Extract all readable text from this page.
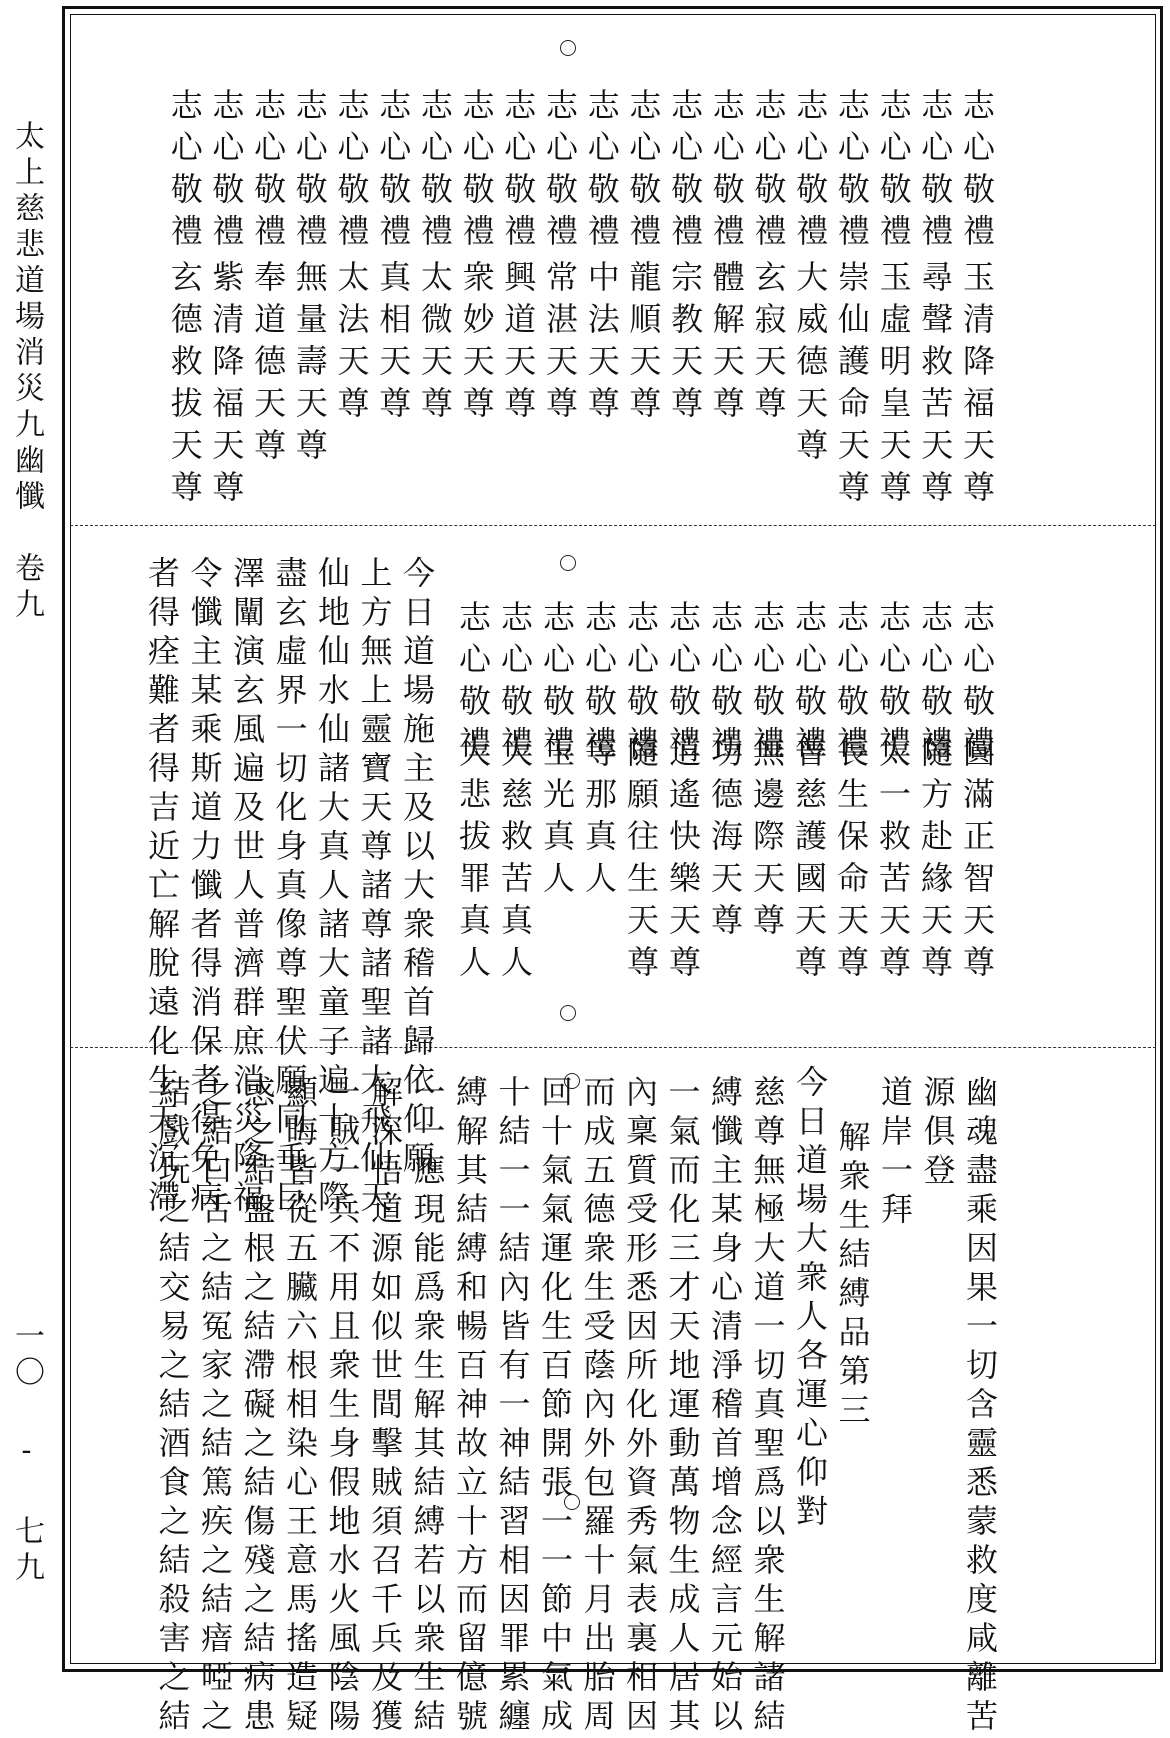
太上慈悲道場消災九幽懺　卷九
一〇 - 七九
志心敬禮
玉清降福天尊
志心敬禮
尋聲救苦天尊
志心敬禮
玉虛明皇天尊
志心敬禮
崇仙護命天尊
志心敬禮
大威德天尊
志心敬禮
玄寂天尊
志心敬禮
體解天尊
志心敬禮
宗教天尊
志心敬禮
龍順天尊
志心敬禮
中法天尊
志心敬禮
常湛天尊
志心敬禮
興道天尊
志心敬禮
衆妙天尊
志心敬禮
太微天尊
志心敬禮
真相天尊
志心敬禮
太法天尊
志心敬禮
無量壽天尊
志心敬禮
奉道德天尊
志心敬禮
紫清降福天尊
志心敬禮
玄德救拔天尊
志心敬禮
圓滿正智天尊
志心敬禮
隨方赴緣天尊
志心敬禮
太一救苦天尊
志心敬禮
長生保命天尊
志心敬禮
普慈護國天尊
志心敬禮
無邊際天尊
志心敬禮
功德海天尊
志心敬禮
逍遙快樂天尊
志心敬禮
隨願往生天尊
志心敬禮
等那真人
志心敬禮
玉光真人
志心敬禮
大慈救苦真人
志心敬禮
大悲拔罪真人
今日道場施主及以大衆稽首歸依仰願
上方無上靈寶天尊諸尊諸聖諸大飛仙天
仙地仙水仙諸大真人諸大童子遍十方際
盡玄虛界一切化身真像尊聖伏願同垂巨
澤闡演玄風遍及世人普濟群庶消災降福
令懺主某乘斯道力懺者得消保者得免病
者得痊難者得吉近亡解脫遠化生天沉滯
幽魂盡乘因果一切含靈悉蒙救度咸離苦
源俱登
道岸一拜
解衆生結縛品第三
今日道場大衆人各運心仰對
慈尊無極大道一切真聖爲以衆生解諸結
縛懺主某身心清淨稽首增念經言元始以
一氣而化三才天地運動萬物生成人居其
內稟質受形悉因所化外資秀氣表裏相因
而成五德衆生受蔭內外包羅十月出胎周
回十氣氣運化生百節開張一一節中氣成
十結一一結內皆有一神結習相因罪累纏
縛解其結縛和暢百神故立十方而留億號
一一應現能爲衆生解其結縛若以衆生結
解深悟道源如似世間擊賊須召千兵及獲
一賊一兵不用且衆生身假地水火風陰陽
顯晦皆從五臟六根相染心王意馬搖造疑
惑之結盤根之結滯礙之結傷殘之結病患
之結口舌之結冤家之結篤疾之結瘖啞之
結戲玩之結交易之結酒食之結殺害之結
